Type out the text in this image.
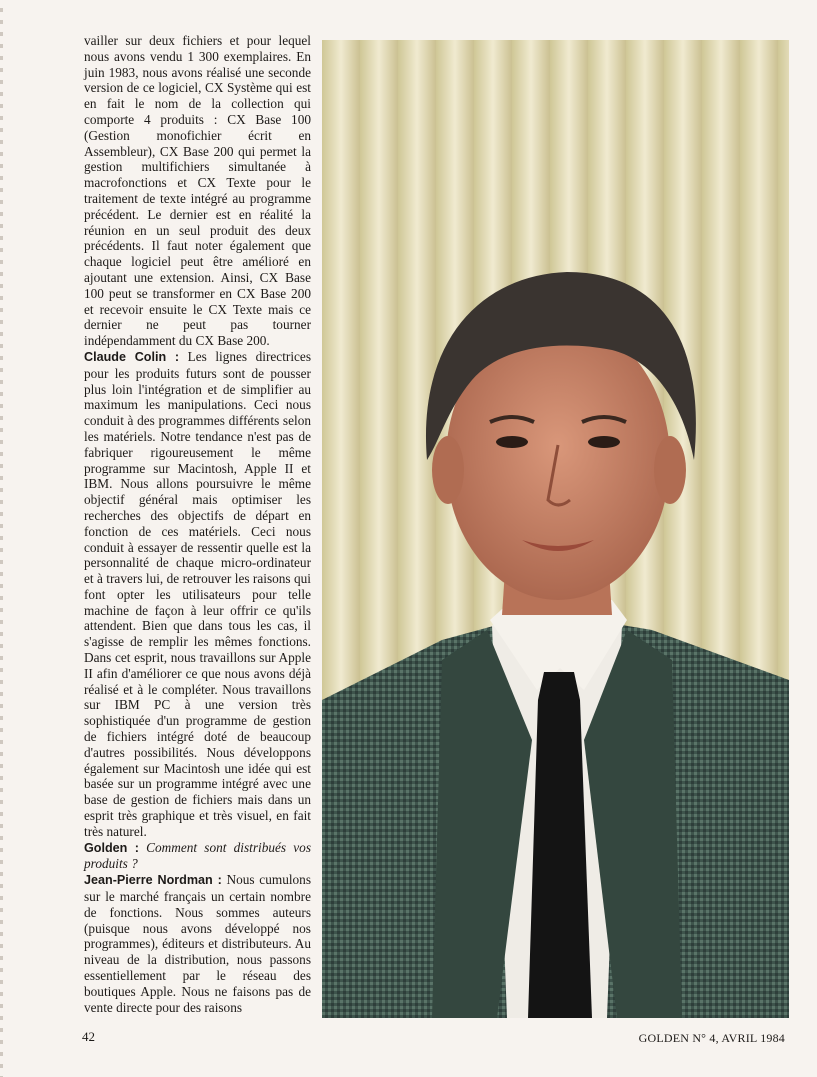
vailler sur deux fichiers et pour lequel nous avons vendu 1 300 exemplaires. En juin 1983, nous avons réalisé une seconde version de ce logiciel, CX Système qui est en fait le nom de la collection qui comporte 4 produits : CX Base 100 (Gestion monofichier écrit en Assembleur), CX Base 200 qui permet la gestion multifichiers simultanée à macrofonctions et CX Texte pour le traitement de texte intégré au programme précédent. Le dernier est en réalité la réunion en un seul produit des deux précédents. Il faut noter également que chaque logiciel peut être amélioré en ajoutant une extension. Ainsi, CX Base 100 peut se transformer en CX Base 200 et recevoir ensuite le CX Texte mais ce dernier ne peut pas tourner indépendamment du CX Base 200.

Claude Colin : Les lignes directrices pour les produits futurs sont de pousser plus loin l'intégration et de simplifier au maximum les manipulations. Ceci nous conduit à des programmes différents selon les matériels. Notre tendance n'est pas de fabriquer rigoureusement le même programme sur Macintosh, Apple II et IBM. Nous allons poursuivre le même objectif général mais optimiser les recherches des objectifs de départ en fonction de ces matériels. Ceci nous conduit à essayer de ressentir quelle est la personnalité de chaque micro-ordinateur et à travers lui, de retrouver les raisons qui font opter les utilisateurs pour telle machine de façon à leur offrir ce qu'ils attendent. Bien que dans tous les cas, il s'agisse de remplir les mêmes fonctions. Dans cet esprit, nous travaillons sur Apple II afin d'améliorer ce que nous avons déjà réalisé et à le compléter. Nous travaillons sur IBM PC à une version très sophistiquée d'un programme de gestion de fichiers intégré doté de beaucoup d'autres possibilités. Nous développons également sur Macintosh une idée qui est basée sur un programme intégré avec une base de gestion de fichiers mais dans un esprit très graphique et très visuel, en fait très naturel.

Golden : Comment sont distribués vos produits ?

Jean-Pierre Nordman : Nous cumulons sur le marché français un certain nombre de fonctions. Nous sommes auteurs (puisque nous avons développé nos programmes), éditeurs et distributeurs. Au niveau de la distribution, nous passons essentiellement par le réseau des boutiques Apple. Nous ne faisons pas de vente directe pour des raisons

42	GOLDEN N° 4, AVRIL 1984
